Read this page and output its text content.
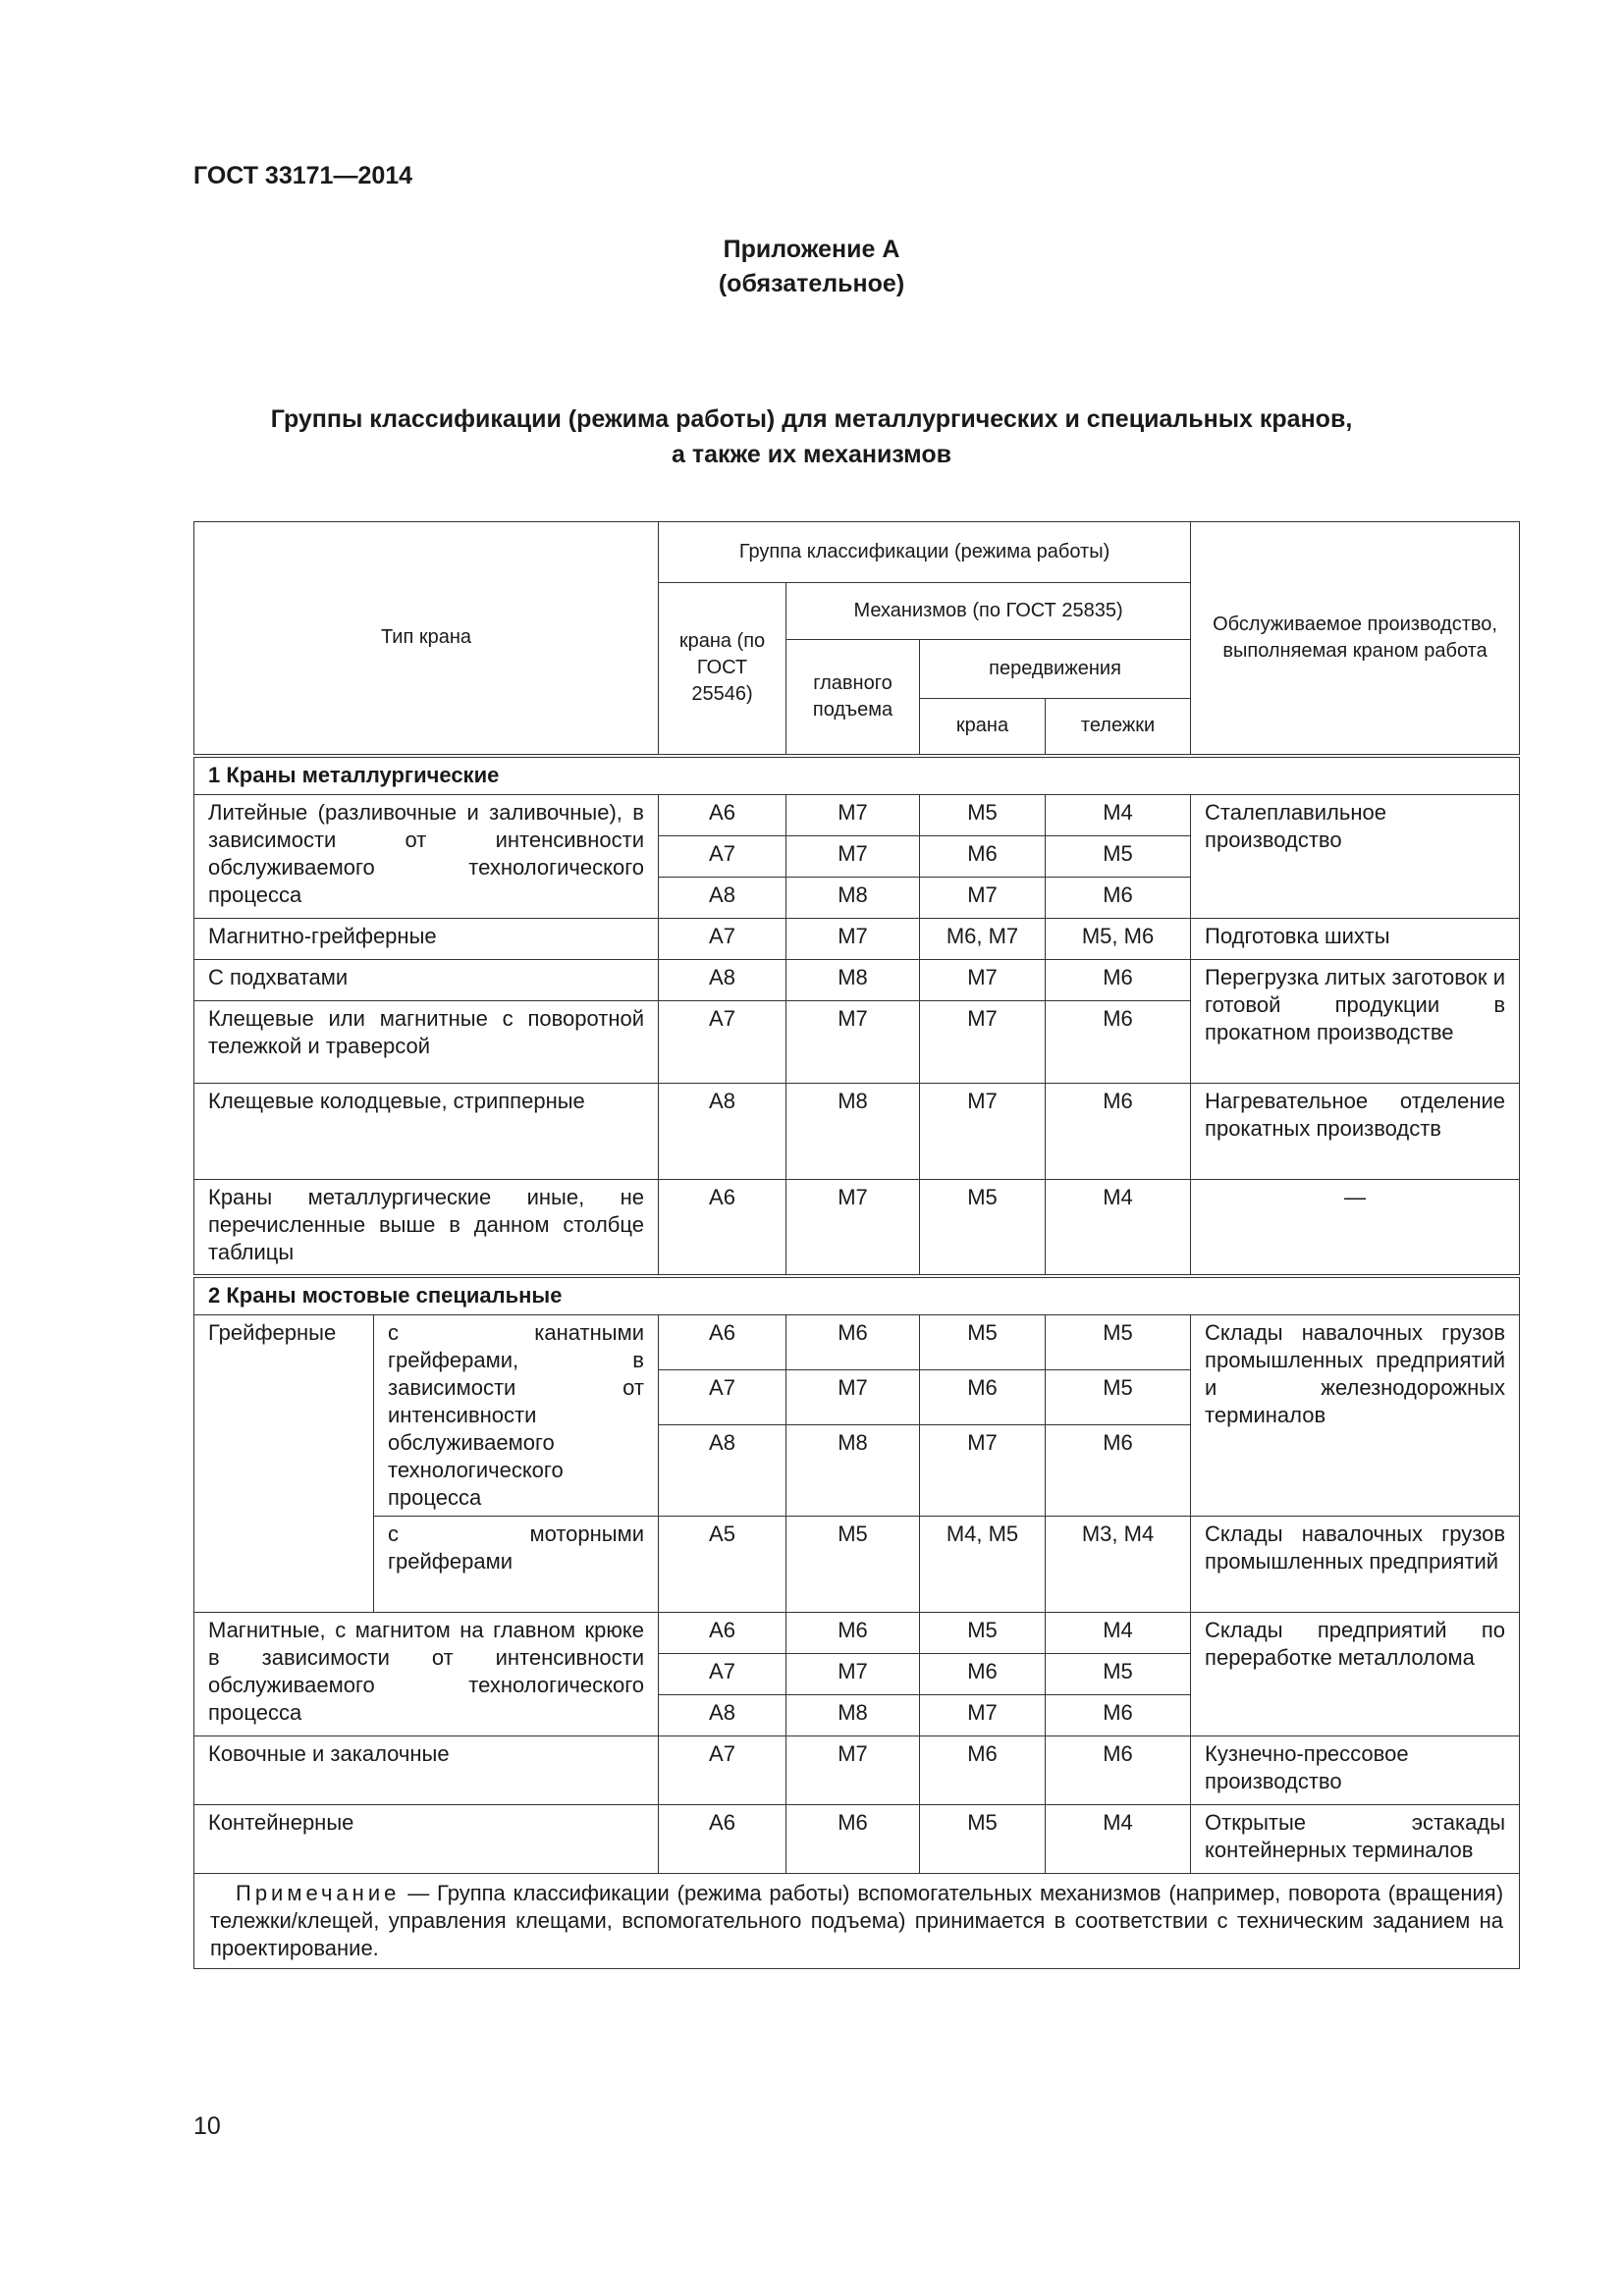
ГОСТ 33171—2014
Приложение А
(обязательное)
Группы классификации (режима работы) для металлургических и специальных кранов,
а также их механизмов
Тип крана		Группа классификации (режима работы)				Обслуживаемое производство, выполняемая краном работа
		крана (по ГОСТ 25546)	Механизмов (по ГОСТ 25835)			
			главного подъема	передвижения		
				крана	тележки	
1 Краны металлургические						
Литейные (разливочные и заливочные), в зависимости от интенсивности обслуживаемого технологического процесса		А6	М7	М5	М4	Сталеплавильное производство
		А7	М7	М6	М5	
		А8	М8	М7	М6	
Магнитно-грейферные		А7	М7	М6, М7	М5, М6	Подготовка шихты
С подхватами		А8	М8	М7	М6	Перегрузка литых заготовок и готовой продукции в прокатном производстве
Клещевые или магнитные с поворотной тележкой и траверсой		А7	М7	М7	М6	
Клещевые колодцевые, стрипперные		А8	М8	М7	М6	Нагревательное отделение прокатных производств
Краны металлургические иные, не перечисленные выше в данном столбце таблицы		А6	М7	М5	М4	—
2 Краны мостовые специальные						
Грейферные	с канатными грейферами, в зависимости от интенсивности обслуживаемого технологического процесса	А6	М6	М5	М5	Склады навалочных грузов промышленных предприятий и железнодорожных терминалов
		А7	М7	М6	М5	
		А8	М8	М7	М6	
	с моторными грейферами	А5	М5	М4, М5	М3, М4	Склады навалочных грузов промышленных предприятий
Магнитные, с магнитом на главном крюке в зависимости от интенсивности обслуживаемого технологического процесса		А6	М6	М5	М4	Склады предприятий по переработке металлолома
		А7	М7	М6	М5	
		А8	М8	М7	М6	
Ковочные и закалочные		А7	М7	М6	М6	Кузнечно-прессовое производство
Контейнерные		А6	М6	М5	М4	Открытые эстакады контейнерных терминалов
Примечание — Группа классификации (режима работы) вспомогательных механизмов (например, поворота (вращения) тележки/клещей, управления клещами, вспомогательного подъема) принимается в соответствии с техническим заданием на проектирование.						
10
